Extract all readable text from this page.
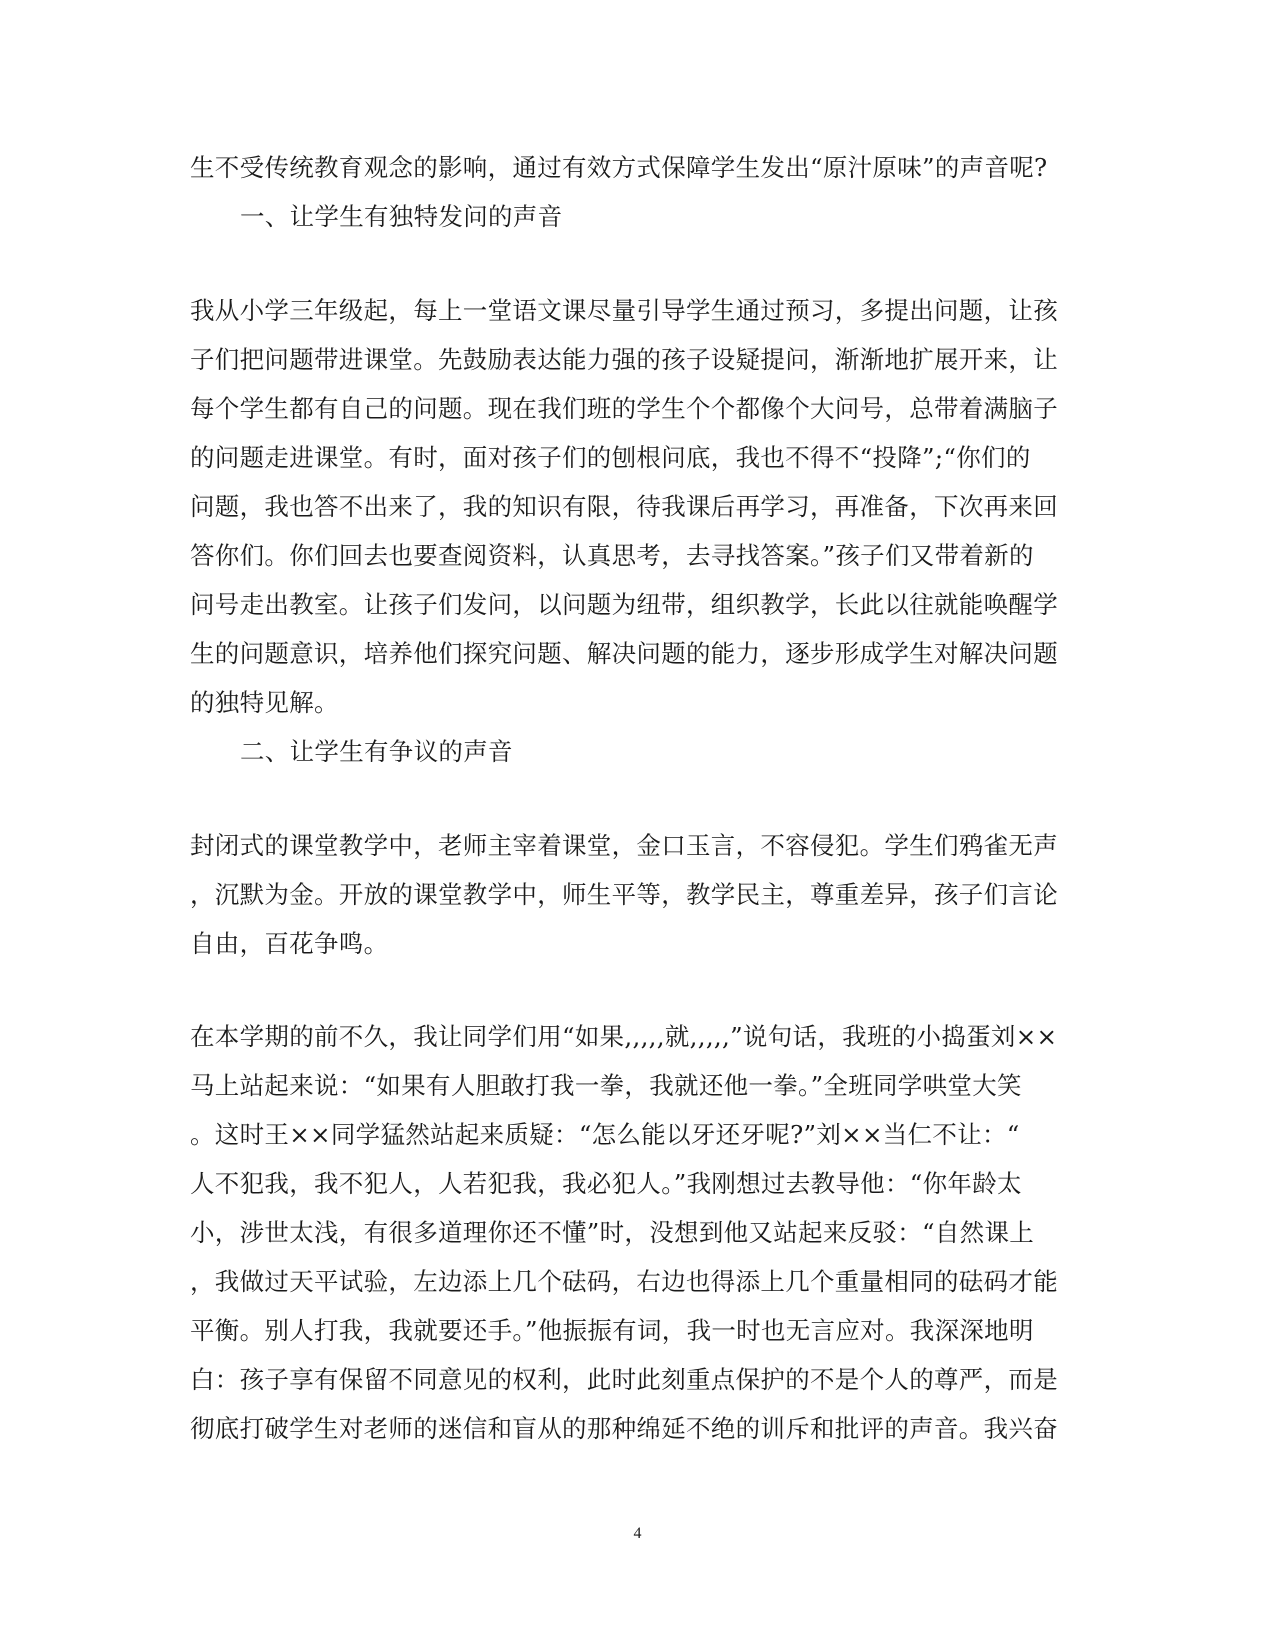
生不受传统教育观念的影响，通过有效方式保障学生发出“原汁原味”的声音呢?
一、让学生有独特发问的声音
我从小学三年级起，每上一堂语文课尽量引导学生通过预习，多提出问题，让孩
子们把问题带进课堂。先鼓励表达能力强的孩子设疑提问，渐渐地扩展开来，让
每个学生都有自己的问题。现在我们班的学生个个都像个大问号，总带着满脑子
的问题走进课堂。有时，面对孩子们的刨根问底，我也不得不“投降”;“你们的
问题，我也答不出来了，我的知识有限，待我课后再学习，再准备，下次再来回
答你们。你们回去也要查阅资料，认真思考，去寻找答案。”孩子们又带着新的
问号走出教室。让孩子们发问，以问题为纽带，组织教学，长此以往就能唤醒学
生的问题意识，培养他们探究问题、解决问题的能力，逐步形成学生对解决问题
的独特见解。
二、让学生有争议的声音
封闭式的课堂教学中，老师主宰着课堂，金口玉言，不容侵犯。学生们鸦雀无声
，沉默为金。开放的课堂教学中，师生平等，教学民主，尊重差异，孩子们言论
自由，百花争鸣。
在本学期的前不久，我让同学们用“如果,,,,,就,,,,,”说句话，我班的小捣蛋刘××
马上站起来说：“如果有人胆敢打我一拳，我就还他一拳。”全班同学哄堂大笑
。这时王××同学猛然站起来质疑：“怎么能以牙还牙呢?”刘××当仁不让：“
人不犯我，我不犯人，人若犯我，我必犯人。”我刚想过去教导他：“你年龄太
小，涉世太浅，有很多道理你还不懂”时，没想到他又站起来反驳：“自然课上
，我做过天平试验，左边添上几个砝码，右边也得添上几个重量相同的砝码才能
平衡。别人打我，我就要还手。”他振振有词，我一时也无言应对。我深深地明
白：孩子享有保留不同意见的权利，此时此刻重点保护的不是个人的尊严，而是
彻底打破学生对老师的迷信和盲从的那种绵延不绝的训斥和批评的声音。我兴奋
4
